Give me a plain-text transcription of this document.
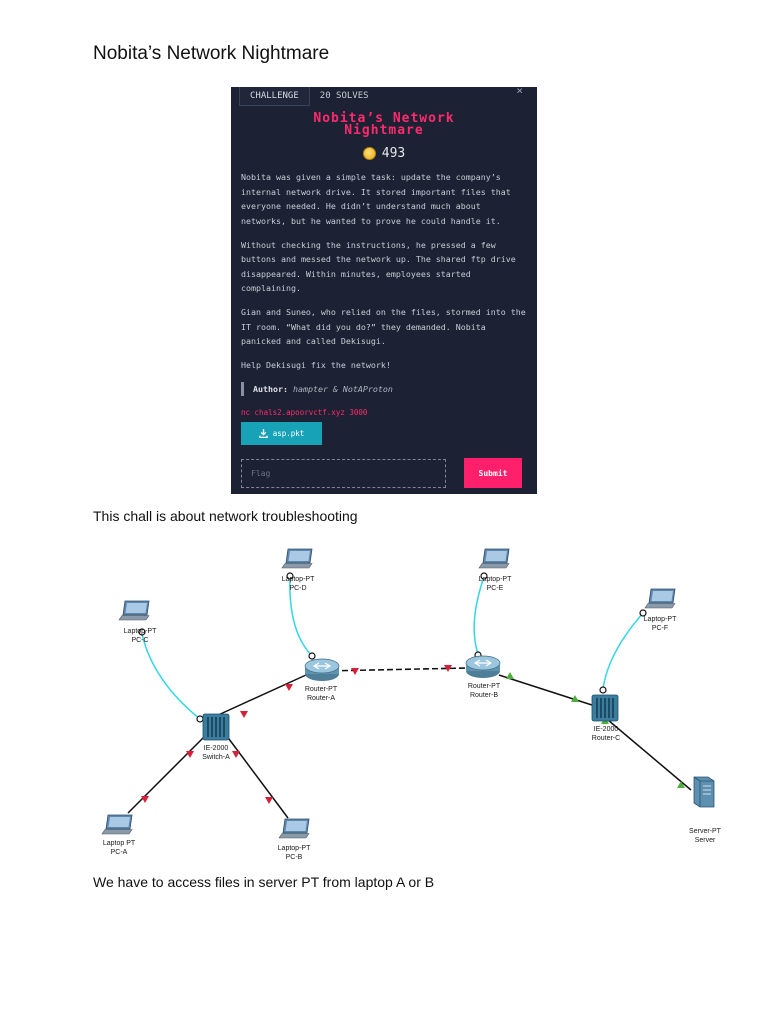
Nobita’s Network Nightmare
CHALLENGE	20 SOLVES	×
Nobita’s Network
Nightmare
493

Nobita was given a simple task: update the company’s internal network drive. It stored important files that everyone needed. He didn’t understand much about networks, but he wanted to prove he could handle it.

Without checking the instructions, he pressed a few buttons and messed the network up. The shared ftp drive disappeared. Within minutes, employees started complaining.

Gian and Suneo, who relied on the files, stormed into the IT room. “What did you do?” they demanded. Nobita panicked and called Dekisugi.

Help Dekisugi fix the network!

Author: hampter & NotAProton
nc chals2.apoorvctf.xyz 3000
asp.pkt
Flag
Submit
This chall is about network troubleshooting
Laptop-PT
PC-C
Laptop-PT
PC-D
Laptop-PT
PC-E
Laptop-PT
PC-F
Router-PT
Router-A
Router-PT
Router-B
IE-2000
Switch-A
IE-2000
Router-C
Server-PT
Server
Laptop PT
PC-A
Laptop-PT
PC-B
We have to access files in server PT from laptop A or B
